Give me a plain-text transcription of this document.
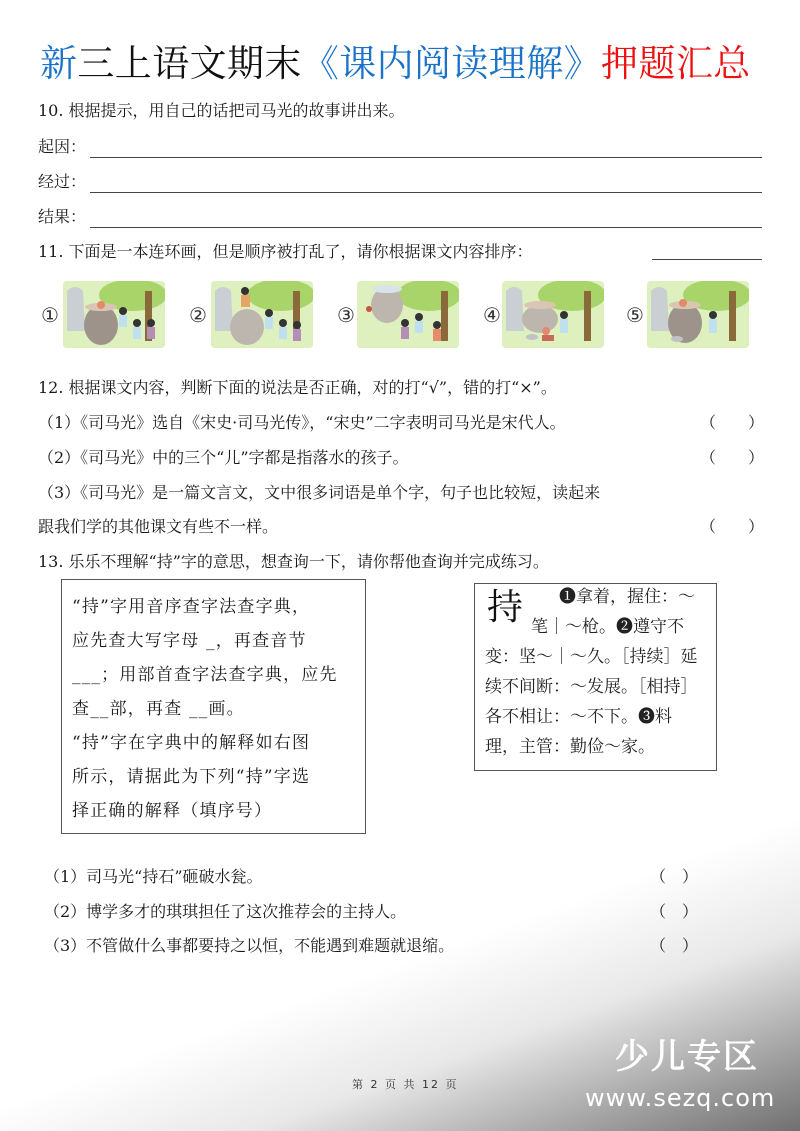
新三上语文期末《课内阅读理解》押题汇总
10. 根据提示，用自己的话把司马光的故事讲出来。
起因：
经过：
结果：
11. 下面是一本连环画，但是顺序被打乱了，请你根据课文内容排序：
①	②	③	④	⑤
12. 根据课文内容，判断下面的说法是否正确，对的打“√”，错的打“×”。
（1）《司马光》选自《宋史·司马光传》，“宋史”二字表明司马光是宋代人。	（　　）
（2）《司马光》中的三个“儿”字都是指落水的孩子。	（　　）
（3）《司马光》是一篇文言文，文中很多词语是单个字，句子也比较短，读起来
跟我们学的其他课文有些不一样。	（　　）
13. 乐乐不理解“持”字的意思，想查询一下，请你帮他查询并完成练习。
“持”字用音序查字法查字典，
应先查大写字母 _，再查音节
___；用部首查字法查字典，应先
查__部，再查 __画。
“持”字在字典中的解释如右图
所示，请据此为下列“持”字选
择正确的解释（填序号）
持 ❶拿着，握住：～
笔｜～枪。❷遵守不
变：坚～｜～久。［持续］延
续不间断：～发展。［相持］
各不相让：～不下。❸料
理，主管：勤俭～家。
（1）司马光“持石”砸破水瓮。	（　）
（2）博学多才的琪琪担任了这次推荐会的主持人。	（　）
（3）不管做什么事都要持之以恒，不能遇到难题就退缩。	（　）
第 2 页 共 12 页
少儿专区
www.sezq.com
